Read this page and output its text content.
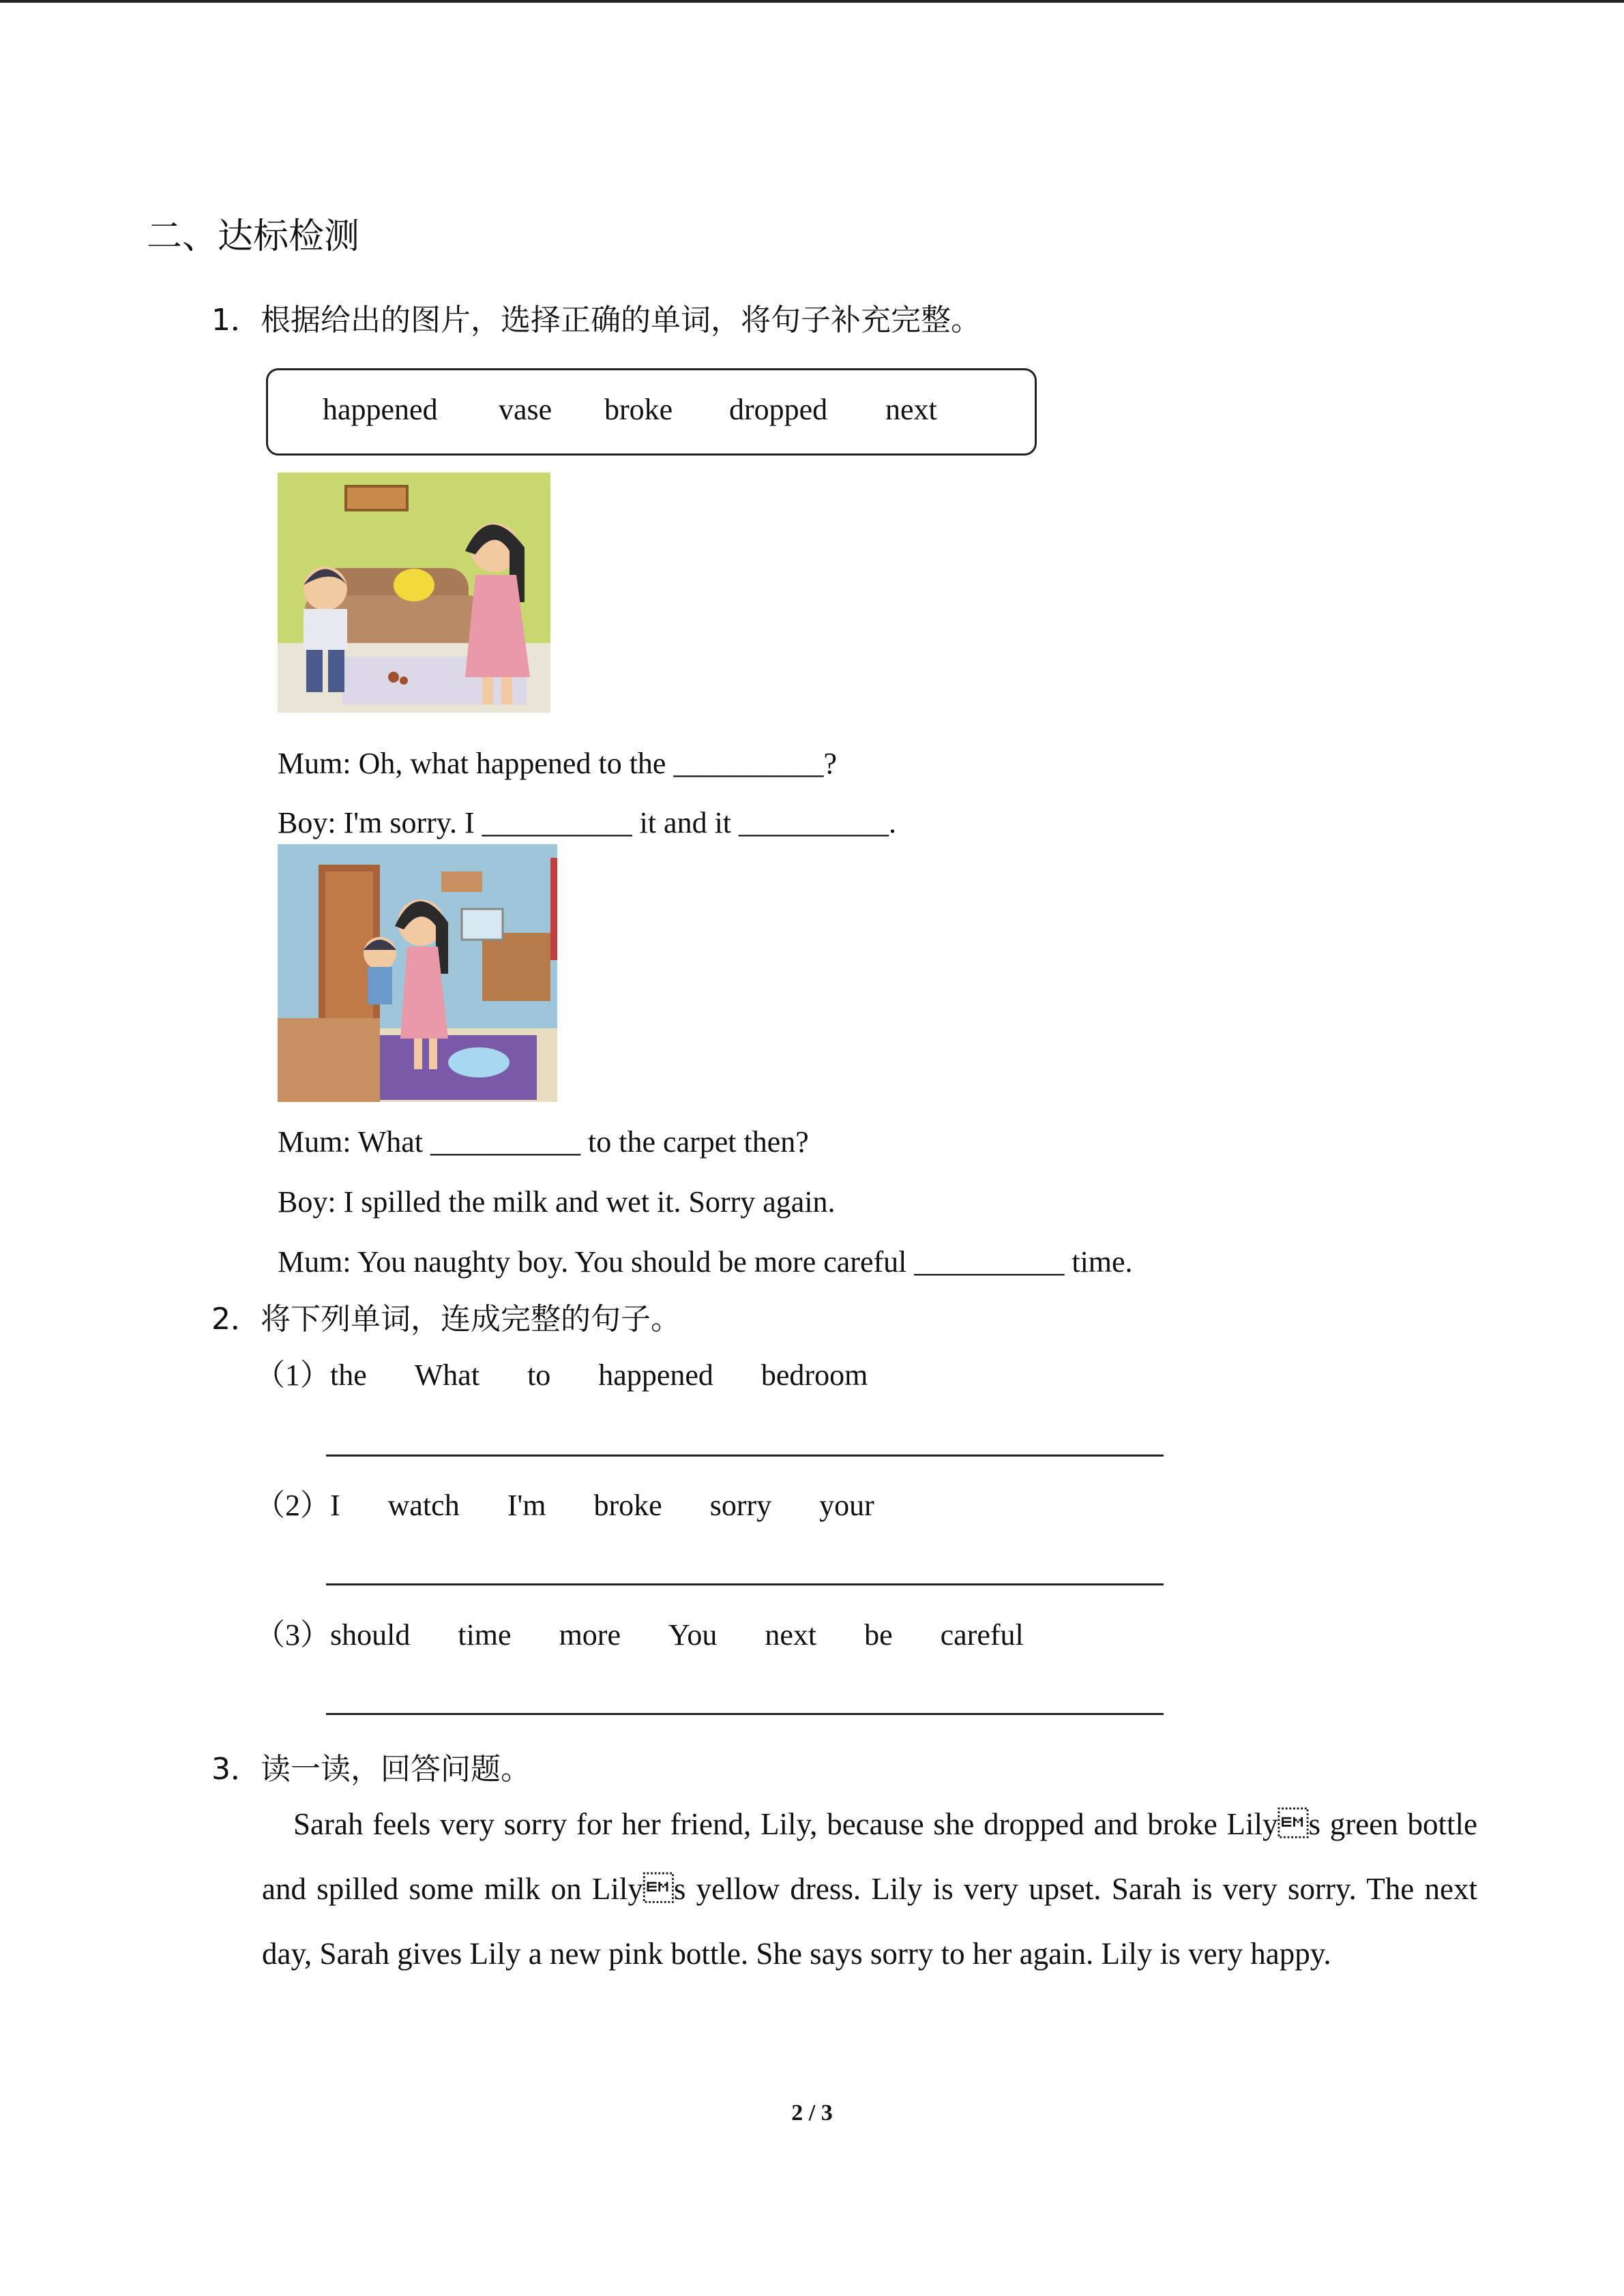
二、达标检测
1．根据给出的图片，选择正确的单词，将句子补充完整。
happened vase broke dropped next
Mum: Oh, what happened to the __________?
Boy: I'm sorry. I __________ it and it __________.
Mum: What __________ to the carpet then?
Boy: I spilled the milk and wet it. Sorry again.
Mum: You naughty boy. You should be more careful __________ time.
2．将下列单词，连成完整的句子。
（1）the What to happened bedroom
（2）I watch I'm broke sorry your
（3）should time more You next be careful
3．读一读，回答问题。
Sarah feels very sorry for her friend, Lily, because she dropped and broke Lilys green bottle and spilled some milk on Lilys yellow dress. Lily is very upset. Sarah is very sorry. The next day, Sarah gives Lily a new pink bottle. She says sorry to her again. Lily is very happy.
2 / 3
